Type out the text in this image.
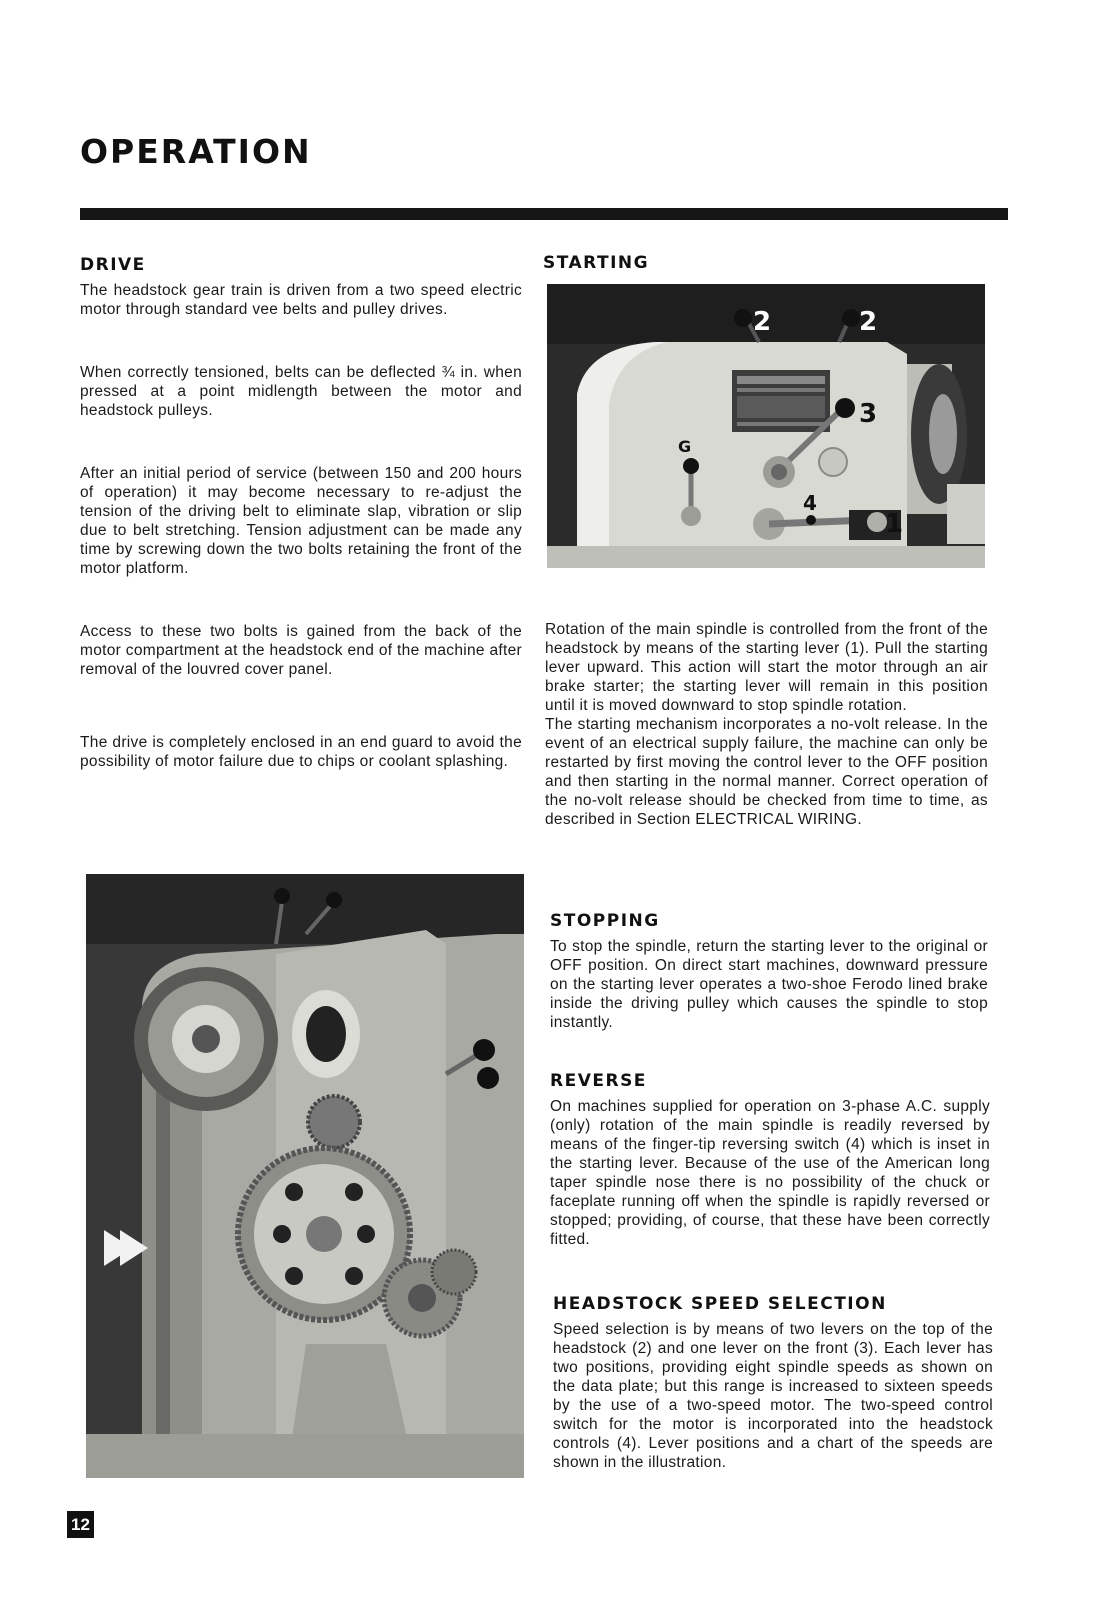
OPERATION
DRIVE

The headstock gear train is driven from a two speed electric motor through standard vee belts and pulley drives.

When correctly tensioned, belts can be deflected ¾ in. when pressed at a point midlength between the motor and headstock pulleys.

After an initial period of service (between 150 and 200 hours of operation) it may become necessary to re-adjust the tension of the driving belt to eliminate slap, vibration or slip due to belt stretching. Tension adjustment can be made any time by screwing down the two bolts retaining the front of the motor platform.

Access to these two bolts is gained from the back of the motor compartment at the headstock end of the machine after removal of the louvred cover panel.

The drive is completely enclosed in an end guard to avoid the possibility of motor failure due to chips or coolant splashing.

STARTING
2	2
3
G
4
1

Rotation of the main spindle is controlled from the front of the headstock by means of the starting lever (1). Pull the starting lever upward. This action will start the motor through an air brake starter; the starting lever will remain in this position until it is moved downward to stop spindle rotation.

The starting mechanism incorporates a no-volt release. In the event of an electrical supply failure, the machine can only be restarted by first moving the control lever to the OFF position and then starting in the normal manner. Correct operation of the no-volt release should be checked from time to time, as described in Section ELECTRICAL WIRING.

STOPPING

To stop the spindle, return the starting lever to the original or OFF position. On direct start machines, downward pressure on the starting lever operates a two-shoe Ferodo lined brake inside the driving pulley which causes the spindle to stop instantly.

REVERSE

On machines supplied for operation on 3-phase A.C. supply (only) rotation of the main spindle is readily reversed by means of the finger-tip reversing switch (4) which is inset in the starting lever. Because of the use of the American long taper spindle nose there is no possibility of the chuck or faceplate running off when the spindle is rapidly reversed or stopped; providing, of course, that these have been correctly fitted.

HEADSTOCK SPEED SELECTION

Speed selection is by means of two levers on the top of the headstock (2) and one lever on the front (3). Each lever has two positions, providing eight spindle speeds as shown on the data plate; but this range is increased to sixteen speeds by the use of a two-speed motor. The two-speed control switch for the motor is incorporated into the headstock controls (4). Lever positions and a chart of the speeds are shown in the illustration.

12
